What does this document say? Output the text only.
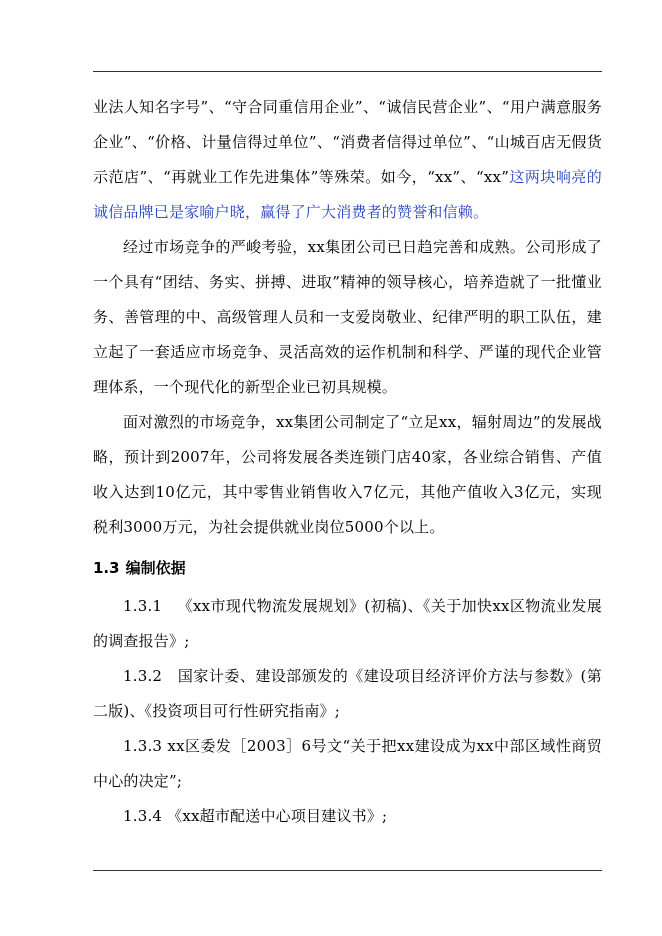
业法人知名字号”、“守合同重信用企业”、“诚信民营企业”、“用户满意服务企业”、“价格、计量信得过单位”、“消费者信得过单位”、“山城百店无假货示范店”、“再就业工作先进集体”等殊荣。如今，“xx”、“xx”这两块响亮的诚信品牌已是家喻户晓，赢得了广大消费者的赞誉和信赖。

经过市场竞争的严峻考验，xx集团公司已日趋完善和成熟。公司形成了一个具有“团结、务实、拼搏、进取”精神的领导核心，培养造就了一批懂业务、善管理的中、高级管理人员和一支爱岗敬业、纪律严明的职工队伍，建立起了一套适应市场竞争、灵活高效的运作机制和科学、严谨的现代企业管理体系，一个现代化的新型企业已初具规模。

面对激烈的市场竞争，xx集团公司制定了“立足xx，辐射周边”的发展战略，预计到2007年，公司将发展各类连锁门店40家，各业综合销售、产值收入达到10亿元，其中零售业销售收入7亿元，其他产值收入3亿元，实现税利3000万元，为社会提供就业岗位5000个以上。

1.3 编制依据

1.3.1 《xx市现代物流发展规划》(初稿)、《关于加快xx区物流业发展的调查报告》;

1.3.2 国家计委、建设部颁发的《建设项目经济评价方法与参数》(第二版)、《投资项目可行性研究指南》;

1.3.3 xx区委发［2003］6号文“关于把xx建设成为xx中部区域性商贸中心的决定”;

1.3.4 《xx超市配送中心项目建议书》;
